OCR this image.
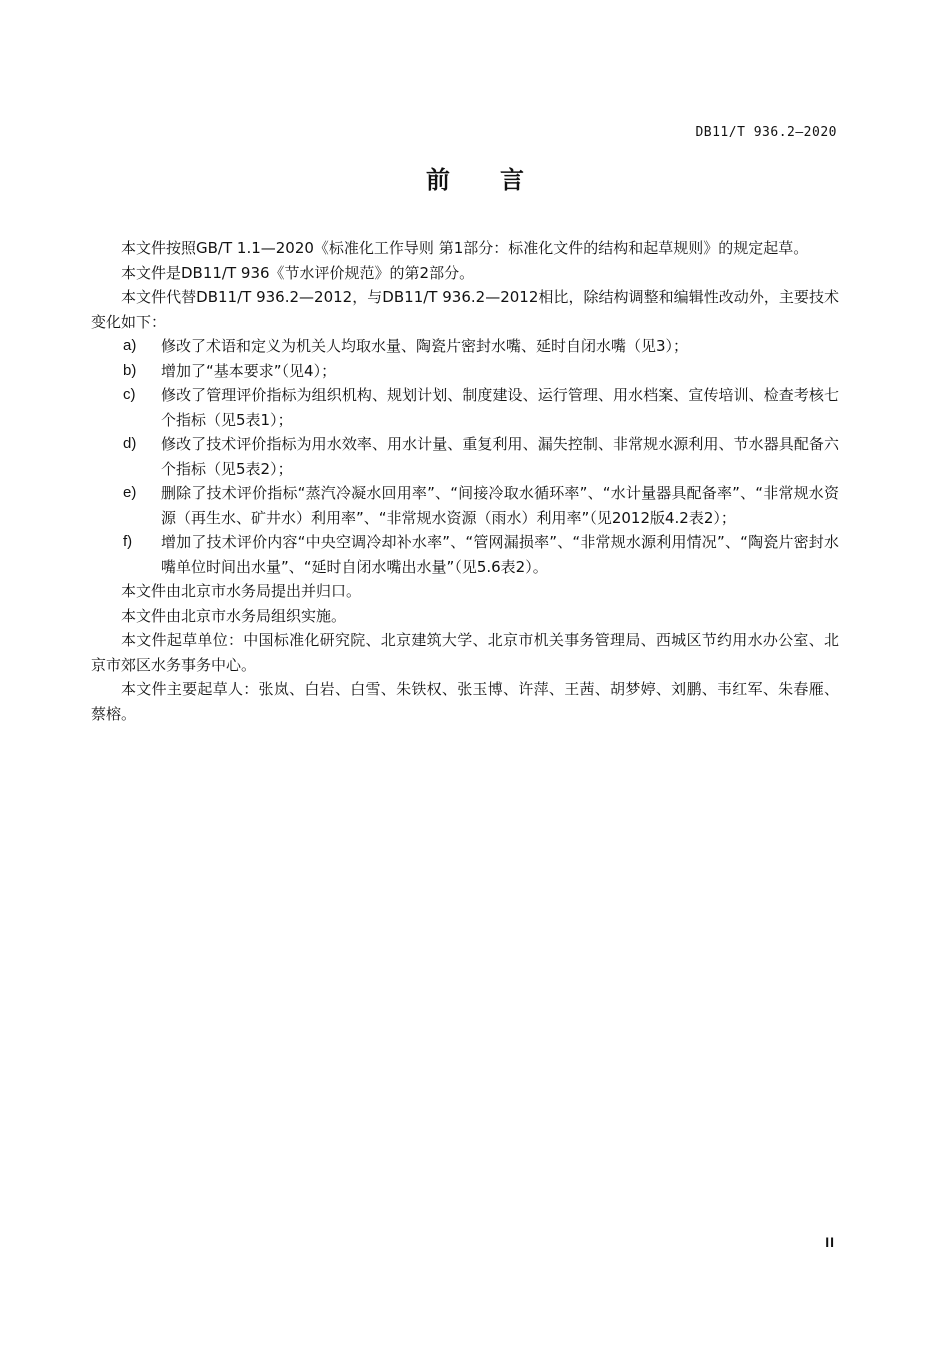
DB11/T 936.2—2020
前言

本文件按照GB/T 1.1—2020《标准化工作导则 第1部分：标准化文件的结构和起草规则》的规定起草。

本文件是DB11/T 936《节水评价规范》的第2部分。

本文件代替DB11/T 936.2—2012，与DB11/T 936.2—2012相比，除结构调整和编辑性改动外，主要技术变化如下：

a) 修改了术语和定义为机关人均取水量、陶瓷片密封水嘴、延时自闭水嘴（见3）；

b) 增加了“基本要求”（见4）；

c) 修改了管理评价指标为组织机构、规划计划、制度建设、运行管理、用水档案、宣传培训、检查考核七个指标（见5表1）；

d) 修改了技术评价指标为用水效率、用水计量、重复利用、漏失控制、非常规水源利用、节水器具配备六个指标（见5表2）；

e) 删除了技术评价指标“蒸汽冷凝水回用率”、“间接冷取水循环率”、“水计量器具配备率”、“非常规水资源（再生水、矿井水）利用率”、“非常规水资源（雨水）利用率”（见2012版4.2表2）；

f) 增加了技术评价内容“中央空调冷却补水率”、“管网漏损率”、“非常规水源利用情况”、“陶瓷片密封水嘴单位时间出水量”、“延时自闭水嘴出水量”（见5.6表2）。

本文件由北京市水务局提出并归口。

本文件由北京市水务局组织实施。

本文件起草单位：中国标准化研究院、北京建筑大学、北京市机关事务管理局、西城区节约用水办公室、北京市郊区水务事务中心。

本文件主要起草人：张岚、白岩、白雪、朱铁权、张玉博、许萍、王茜、胡梦婷、刘鹏、韦红军、朱春雁、蔡榕。

II
